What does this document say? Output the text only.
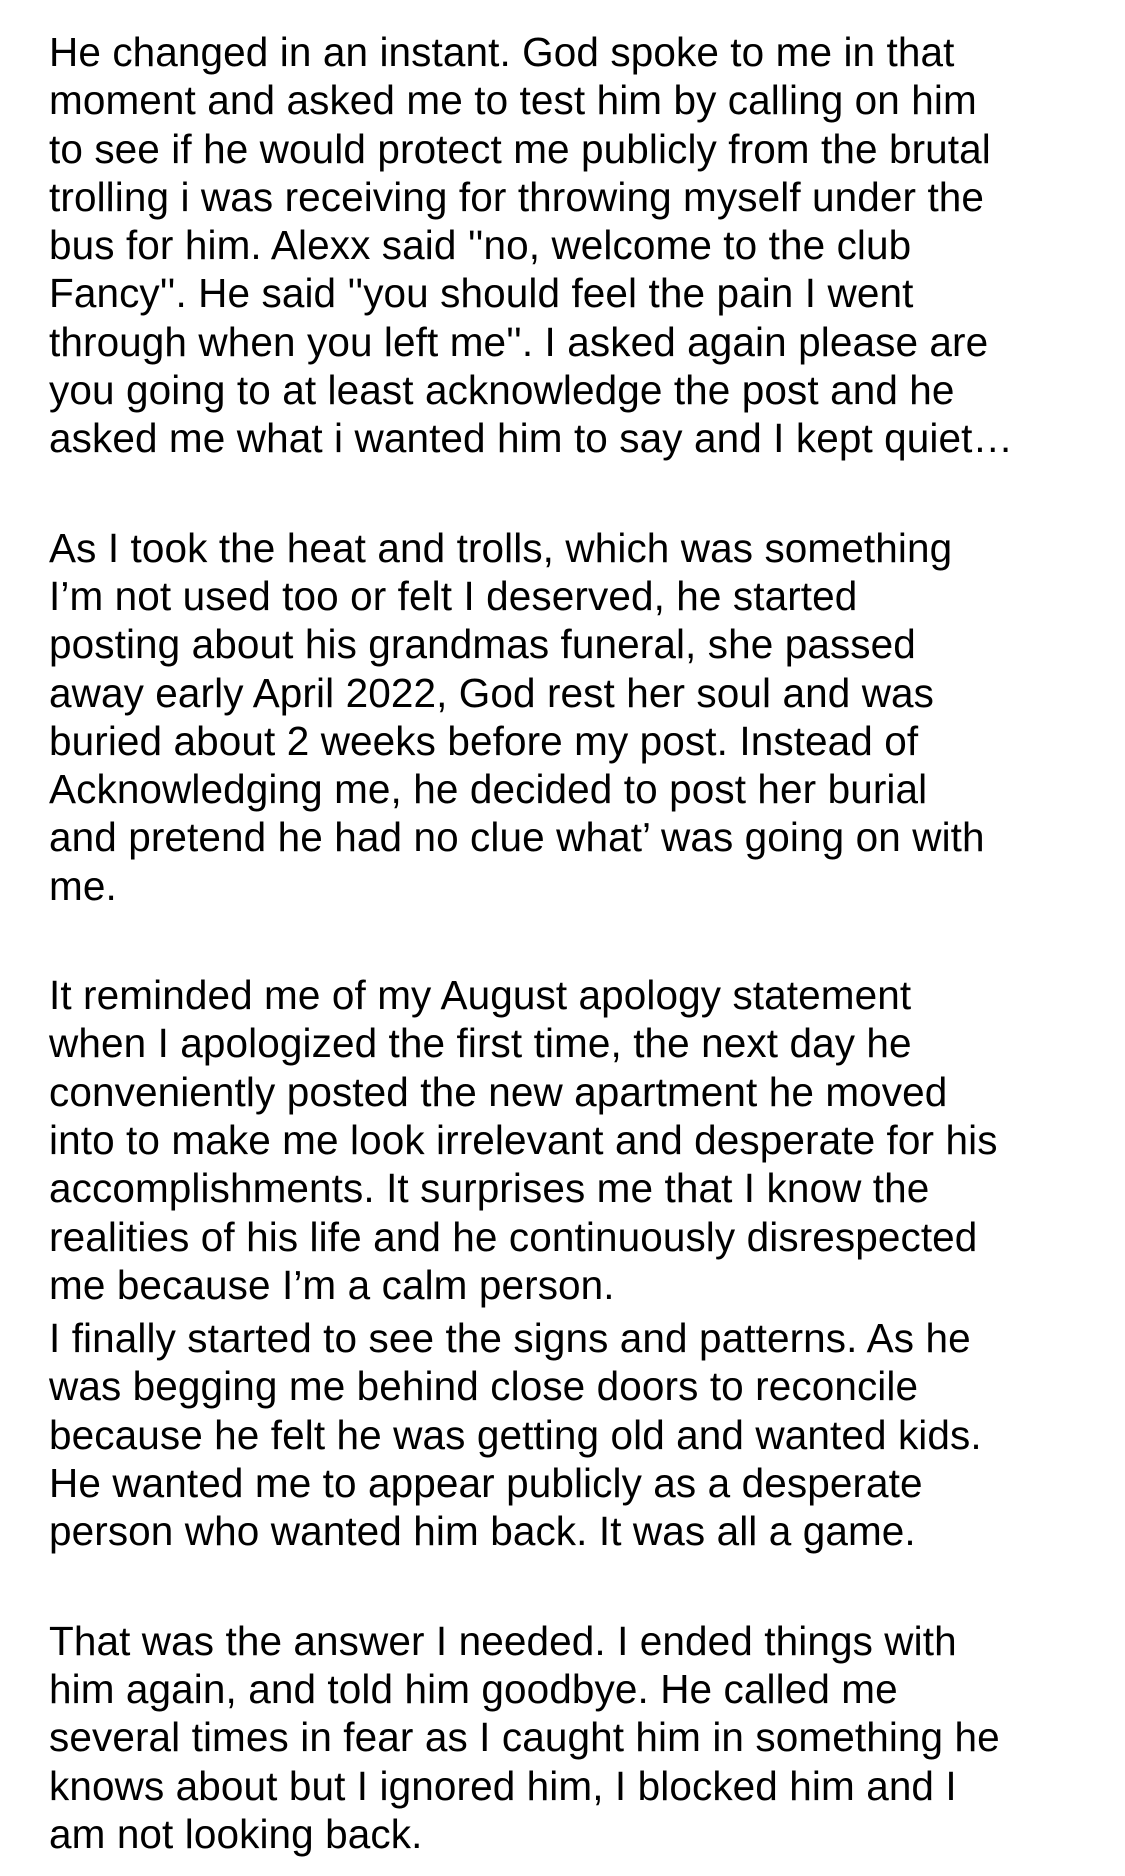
He changed in an instant. God spoke to me in that
moment and asked me to test him by calling on him
to see if he would protect me publicly from the brutal
trolling i was receiving for throwing myself under the
bus for him. Alexx said ''no, welcome to the club
Fancy''. He said ''you should feel the pain I went
through when you left me''. I asked again please are
you going to at least acknowledge the post and he
asked me what i wanted him to say and I kept quiet…
As I took the heat and trolls, which was something
I’m not used too or felt I deserved, he started
posting about his grandmas funeral, she passed
away early April 2022, God rest her soul and was
buried about 2 weeks before my post. Instead of
Acknowledging me, he decided to post her burial
and pretend he had no clue what’ was going on with
me.
It reminded me of my August apology statement
when I apologized the first time, the next day he
conveniently posted the new apartment he moved
into to make me look irrelevant and desperate for his
accomplishments. It surprises me that I know the
realities of his life and he continuously disrespected
me because I’m a calm person.
I finally started to see the signs and patterns. As he
was begging me behind close doors to reconcile
because he felt he was getting old and wanted kids.
He wanted me to appear publicly as a desperate
person who wanted him back. It was all a game.
That was the answer I needed. I ended things with
him again, and told him goodbye. He called me
several times in fear as I caught him in something he
knows about but I ignored him, I blocked him and I
am not looking back.
